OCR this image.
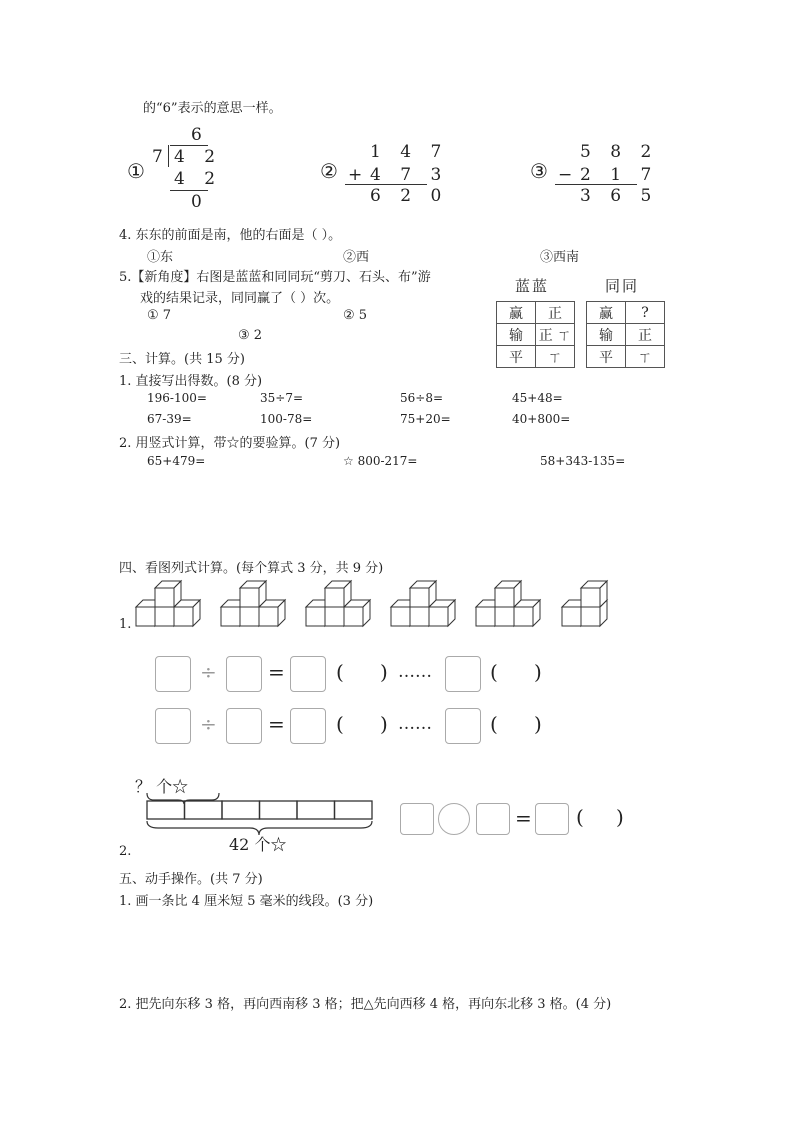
的“6”表示的意思一样。
①
6
7 4 2
4 2
0
②
1 4 7
+ 4 7 3
6 2 0
③
5 8 2
− 2 1 7
3 6 5
4. 东东的前面是南，他的右面是（ ）。
①东	②西	③西南
5.【新角度】右图是蓝蓝和同同玩“剪刀、石头、布”游
戏的结果记录，同同赢了（ ）次。
① 7	② 5
③ 2
蓝蓝
赢	正
输	正 ㄒ
平	ㄒ
同同
赢	?
输	正
平	ㄒ
三、计算。(共 15 分)
1. 直接写出得数。(8 分)
196-100=	35÷7=	56÷8=	45+48=
67-39=	100-78=	75+20=	40+800=
2. 用竖式计算，带☆的要验算。(7 分)
65+479=	☆ 800-217=	58+343-135=
四、看图列式计算。(每个算式 3 分，共 9 分)
1.
÷	=	( ) ……	( )
÷	=	( ) ……	( )
？ 个☆
42 个☆
2.
= ( )
五、动手操作。(共 7 分)
1. 画一条比 4 厘米短 5 毫米的线段。(3 分)
2. 把先向东移 3 格，再向西南移 3 格；把△先向西移 4 格，再向东北移 3 格。(4 分)
